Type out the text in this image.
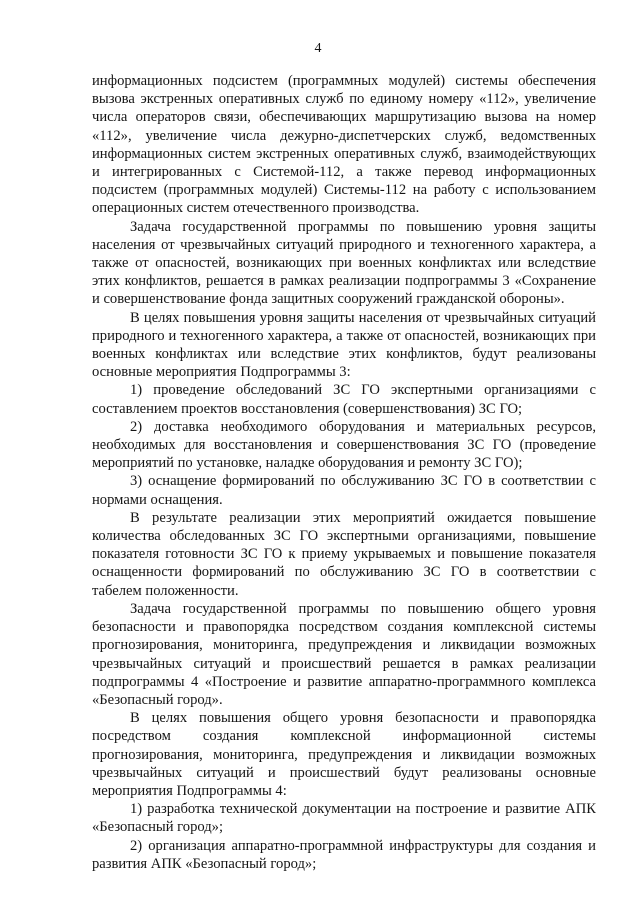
4

информационных подсистем (программных модулей) системы обеспечения вызова экстренных оперативных служб по единому номеру «112», увеличение числа операторов связи, обеспечивающих маршрутизацию вызова на номер «112», увеличение числа дежурно-диспетчерских служб, ведомственных информационных систем экстренных оперативных служб, взаимодействующих и интегрированных с Системой-112, а также перевод информационных подсистем (программных модулей) Системы-112 на работу с использованием операционных систем отечественного производства.

Задача государственной программы по повышению уровня защиты населения от чрезвычайных ситуаций природного и техногенного характера, а также от опасностей, возникающих при военных конфликтах или вследствие этих конфликтов, решается в рамках реализации подпрограммы 3 «Сохранение и совершенствование фонда защитных сооружений гражданской обороны».

В целях повышения уровня защиты населения от чрезвычайных ситуаций природного и техногенного характера, а также от опасностей, возникающих при военных конфликтах или вследствие этих конфликтов, будут реализованы основные мероприятия Подпрограммы 3:

1) проведение обследований ЗС ГО экспертными организациями с составлением проектов восстановления (совершенствования) ЗС ГО;

2) доставка необходимого оборудования и материальных ресурсов, необходимых для восстановления и совершенствования ЗС ГО (проведение мероприятий по установке, наладке оборудования и ремонту ЗС ГО);

3) оснащение формирований по обслуживанию ЗС ГО в соответствии с нормами оснащения.

В результате реализации этих мероприятий ожидается повышение количества обследованных ЗС ГО экспертными организациями, повышение показателя готовности ЗС ГО к приему укрываемых и повышение показателя оснащенности формирований по обслуживанию ЗС ГО в соответствии с табелем положенности.

Задача государственной программы по повышению общего уровня безопасности и правопорядка посредством создания комплексной системы прогнозирования, мониторинга, предупреждения и ликвидации возможных чрезвычайных ситуаций и происшествий решается в рамках реализации подпрограммы 4 «Построение и развитие аппаратно-программного комплекса «Безопасный город».

В целях повышения общего уровня безопасности и правопорядка посредством создания комплексной информационной системы прогнозирования, мониторинга, предупреждения и ликвидации возможных чрезвычайных ситуаций и происшествий будут реализованы основные мероприятия Подпрограммы 4:

1) разработка технической документации на построение и развитие АПК «Безопасный город»;

2) организация аппаратно-программной инфраструктуры для создания и развития АПК «Безопасный город»;
